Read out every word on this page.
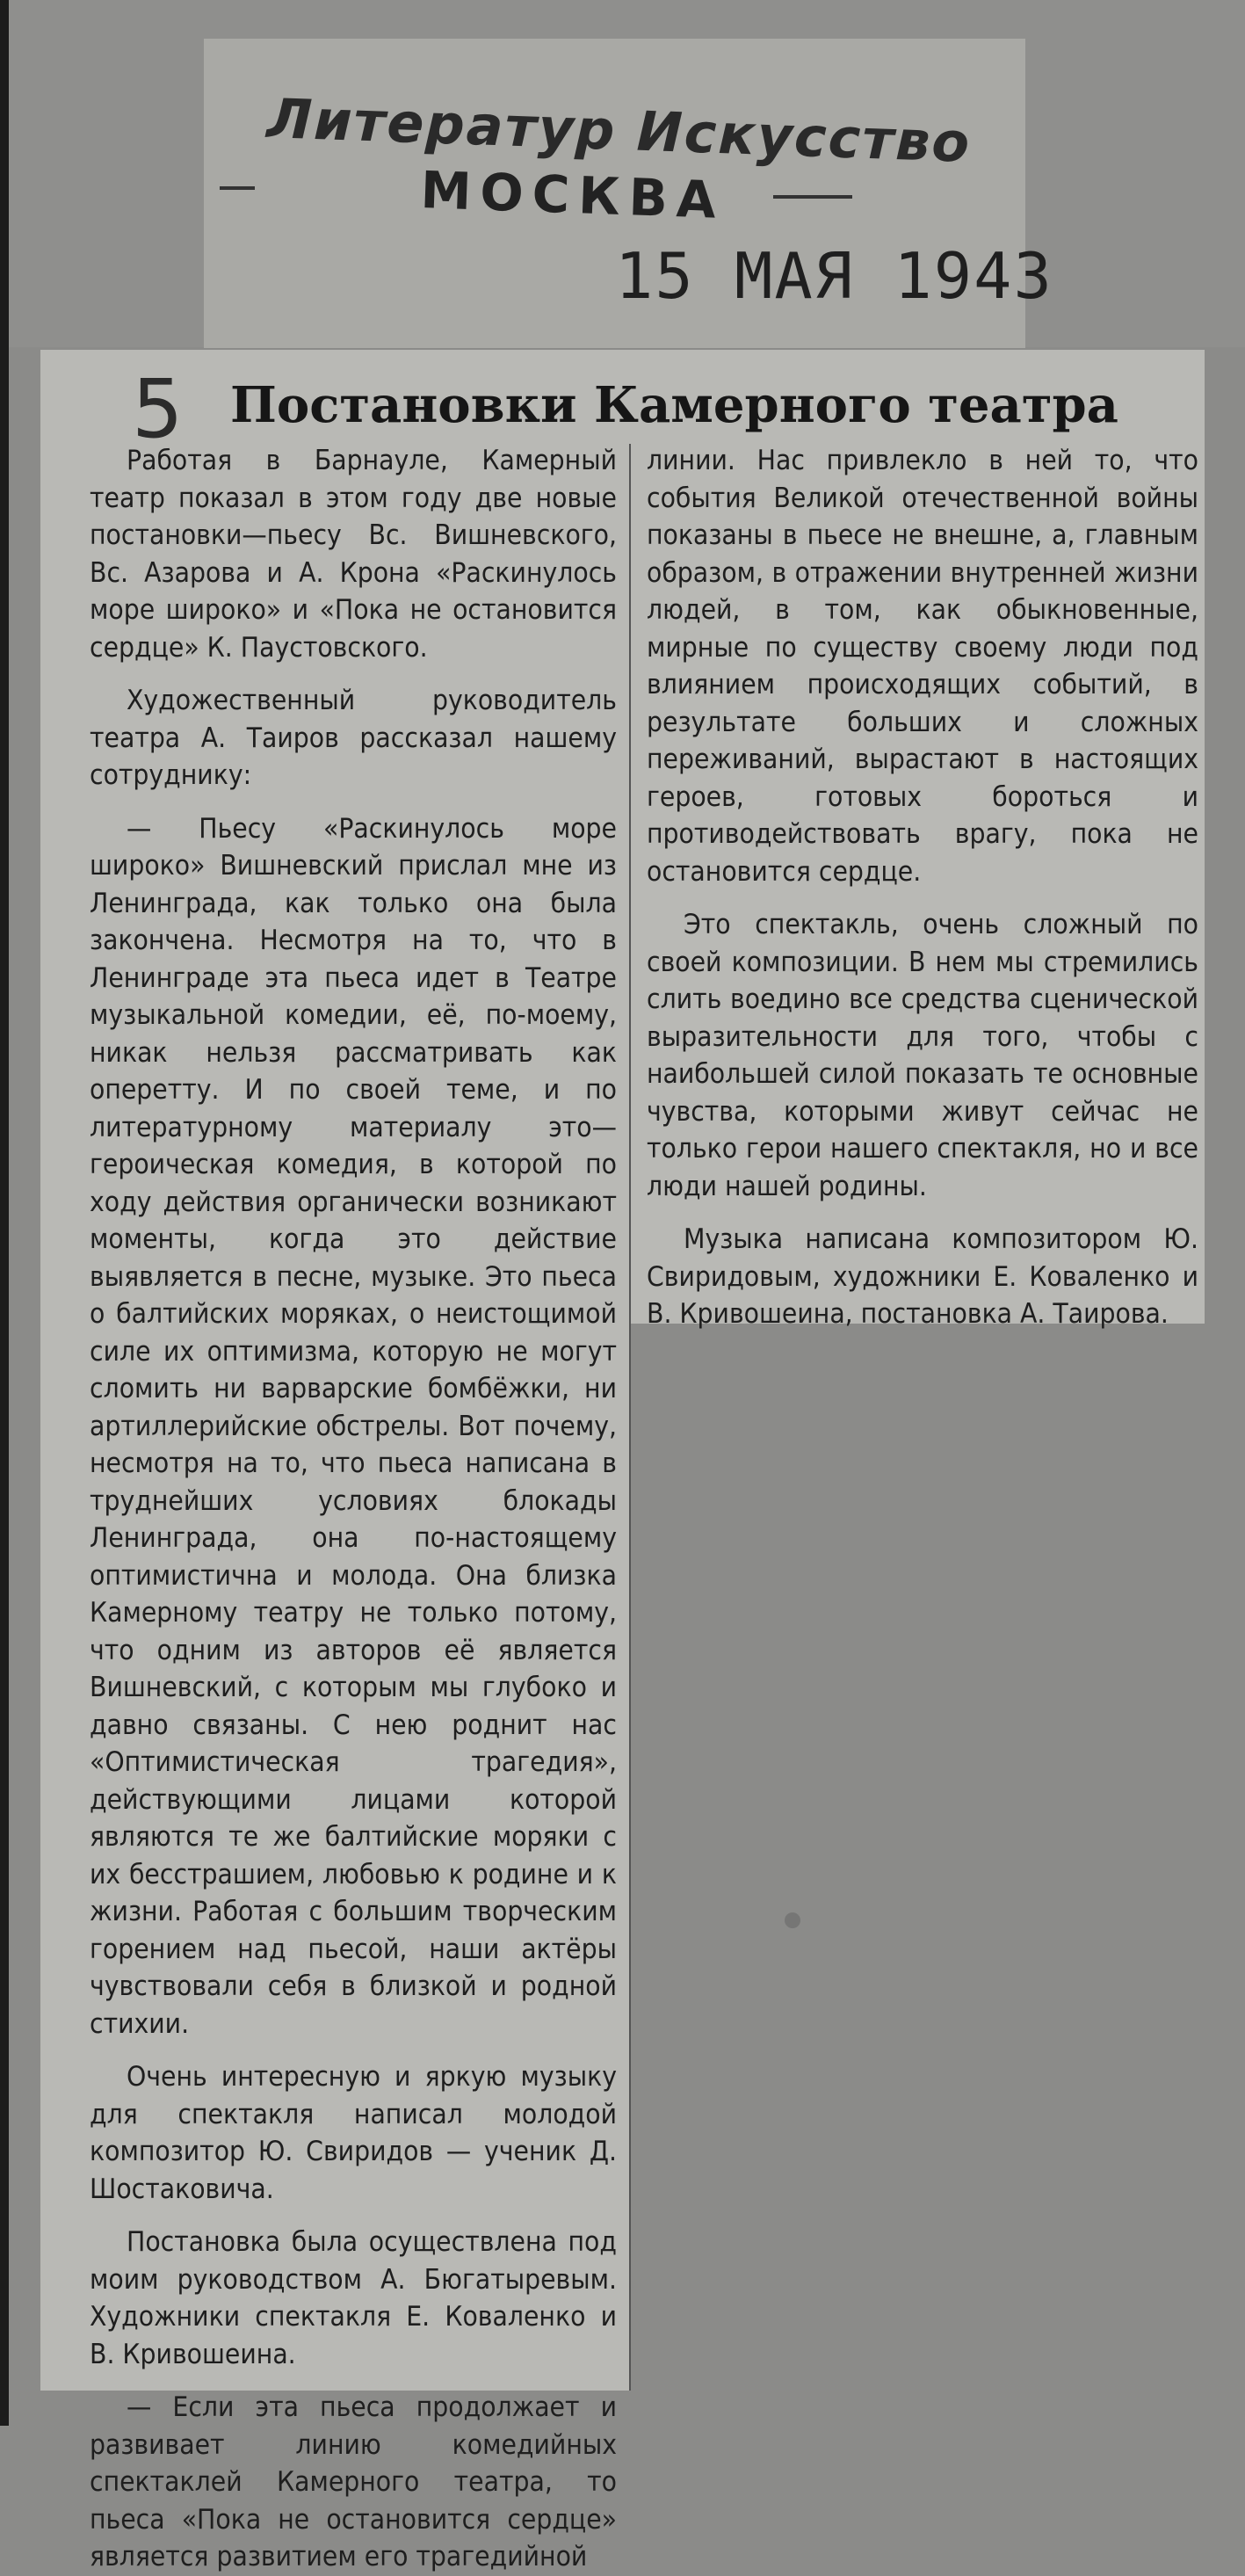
Литератур Искусство
МОСКВА
15 МАЯ 1943
5 Постановки Камерного театра

Работая в Барнауле, Камерный театр показал в этом году две новые постановки—пьесу Вс. Вишневского, Вс. Азарова и А. Крона «Раскинулось море широко» и «Пока не остановится сердце» К. Паустовского.

Художественный руководитель театра А. Таиров рассказал нашему сотруднику:

— Пьесу «Раскинулось море широко» Вишневский прислал мне из Ленинграда, как только она была закончена. Несмотря на то, что в Ленинграде эта пьеса идет в Театре музыкальной комедии, её, по-моему, никак нельзя рассматривать как оперетту. И по своей теме, и по литературному материалу это—героическая комедия, в которой по ходу действия органически возникают моменты, когда это действие выявляется в песне, музыке. Это пьеса о балтийских моряках, о неистощимой силе их оптимизма, которую не могут сломить ни варварские бомбёжки, ни артиллерийские обстрелы. Вот почему, несмотря на то, что пьеса написана в труднейших условиях блокады Ленинграда, она по-настоящему оптимистична и молода. Она близка Камерному театру не только потому, что одним из авторов её является Вишневский, с которым мы глубоко и давно связаны. С нею роднит нас «Оптимистическая трагедия», действующими лицами которой являются те же балтийские моряки с их бесстрашием, любовью к родине и к жизни. Работая с большим творческим горением над пьесой, наши актёры чувствовали себя в близкой и родной стихии.

Очень интересную и яркую музыку для спектакля написал молодой композитор Ю. Свиридов — ученик Д. Шостаковича.

Постановка была осуществлена под моим руководством А. Бюгатыревым. Художники спектакля Е. Коваленко и В. Кривошеина.

— Если эта пьеса продолжает и развивает линию комедийных спектаклей Камерного театра, то пьеса «Пока не остановится сердце» является развитием его трагедийной

линии. Нас привлекло в ней то, что события Великой отечественной войны показаны в пьесе не внешне, а, главным образом, в отражении внутренней жизни людей, в том, как обыкновенные, мирные по существу своему люди под влиянием происходящих событий, в результате больших и сложных переживаний, вырастают в настоящих героев, готовых бороться и противодействовать врагу, пока не остановится сердце.

Это спектакль, очень сложный по своей композиции. В нем мы стремились слить воедино все средства сценической выразительности для того, чтобы с наибольшей силой показать те основные чувства, которыми живут сейчас не только герои нашего спектакля, но и все люди нашей родины.

Музыка написана композитором Ю. Свиридовым, художники Е. Коваленко и В. Кривошеина, постановка А. Таирова.
